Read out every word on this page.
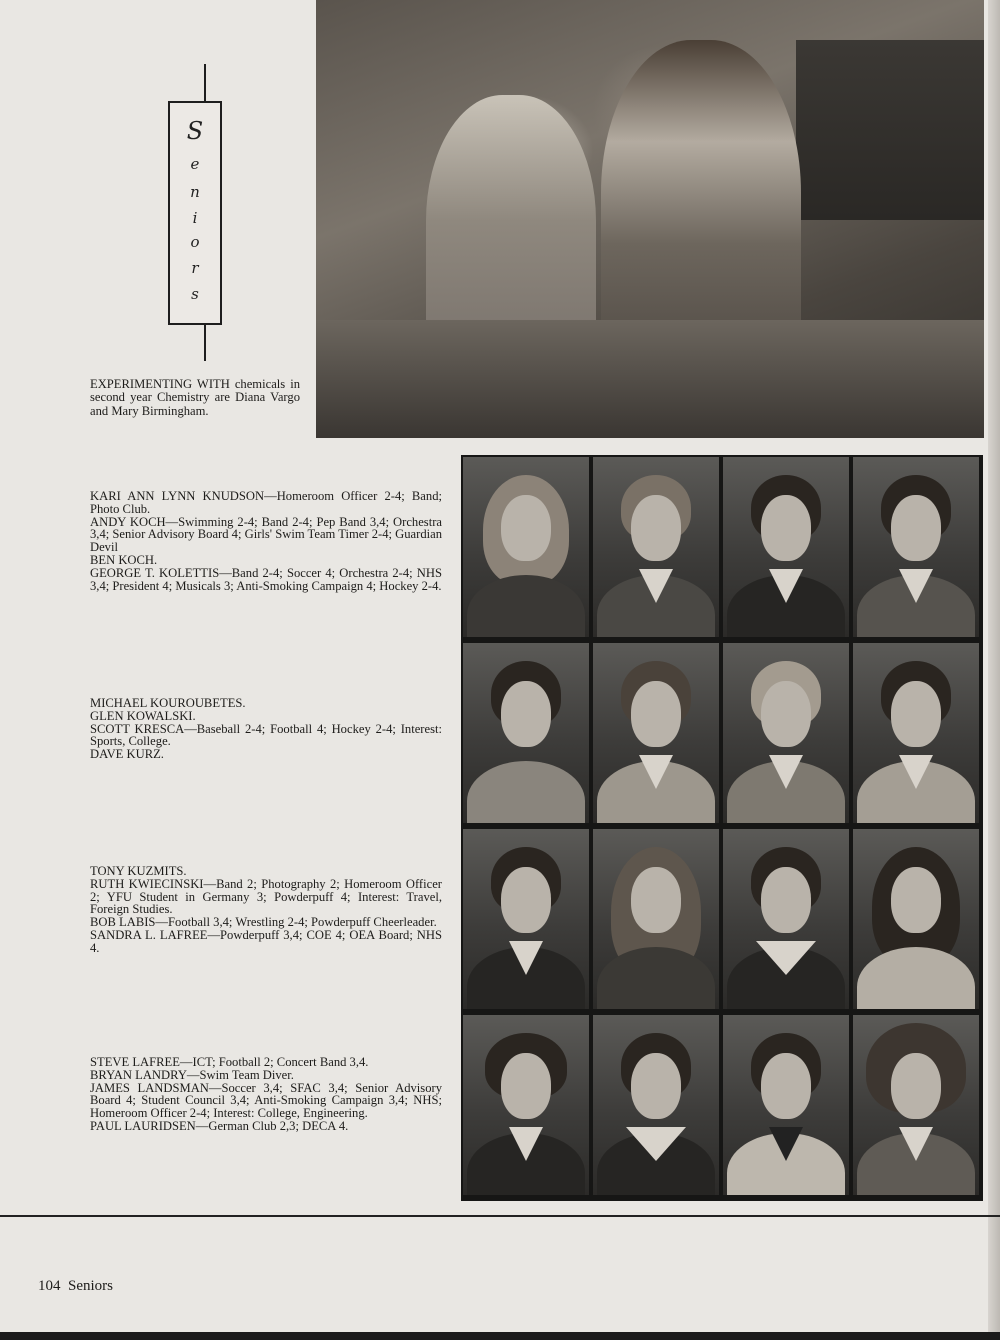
S
e
n
i
o
r
s
EXPERIMENTING WITH chemicals in second year Chemistry are Diana Vargo and Mary Birmingham.

KARI ANN LYNN KNUDSON—Homeroom Officer 2-4; Band; Photo Club.

ANDY KOCH—Swimming 2-4; Band 2-4; Pep Band 3,4; Orchestra 3,4; Senior Advisory Board 4; Girls' Swim Team Timer 2-4; Guardian Devil

BEN KOCH.

GEORGE T. KOLETTIS—Band 2-4; Soccer 4; Orchestra 2-4; NHS 3,4; President 4; Musicals 3; Anti-Smoking Campaign 4; Hockey 2-4.

MICHAEL KOUROUBETES.

GLEN KOWALSKI.

SCOTT KRESCA—Baseball 2-4; Football 4; Hockey 2-4; Interest: Sports, College.

DAVE KURZ.

TONY KUZMITS.

RUTH KWIECINSKI—Band 2; Photography 2; Homeroom Officer 2; YFU Student in Germany 3; Powderpuff 4; Interest: Travel, Foreign Studies.

BOB LABIS—Football 3,4; Wrestling 2-4; Powderpuff Cheerleader.

SANDRA L. LAFREE—Powderpuff 3,4; COE 4; OEA Board; NHS 4.

STEVE LAFREE—ICT; Football 2; Concert Band 3,4.

BRYAN LANDRY—Swim Team Diver.

JAMES LANDSMAN—Soccer 3,4; SFAC 3,4; Senior Advisory Board 4; Student Council 3,4; Anti-Smoking Campaign 3,4; NHS; Homeroom Officer 2-4; Interest: College, Engineering.

PAUL LAURIDSEN—German Club 2,3; DECA 4.

104 Seniors
